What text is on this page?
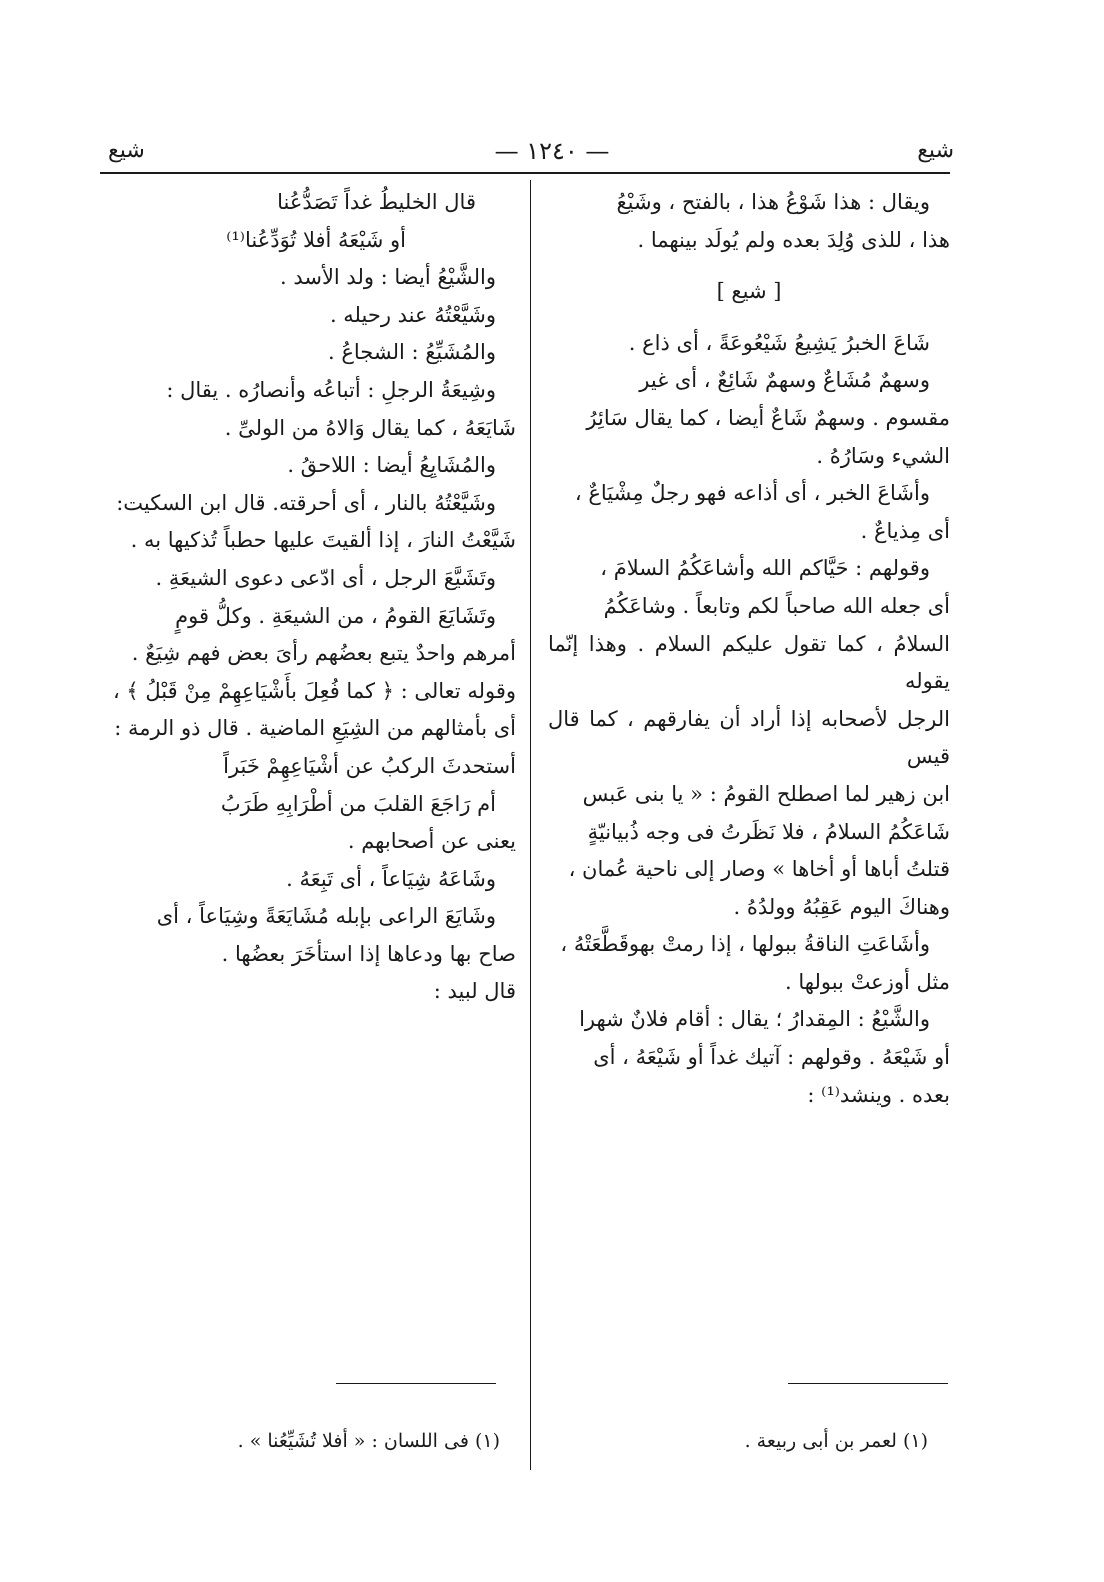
شيع
— ١٢٤٠ —
شيع

ويقال : هذا شَوْعُ هذا ، بالفتح ، وشَيْعُ

هذا ، للذى وُلِدَ بعده ولم يُولَد بينهما .

[ شيع ]

شَاعَ الخبرُ يَشِيعُ شَيْعُوعَةً ، أى ذاع .

وسهمٌ مُشَاعٌ وسهمٌ شَائِعٌ ، أى غير

مقسوم . وسهمٌ شَاعٌ أيضا ، كما يقال سَائِرُ

الشيء وسَارُهُ .

وأشَاعَ الخبر ، أى أذاعه فهو رجلٌ مِشْيَاعٌ ،

أى مِذياعٌ .

وقولهم : حَيَّاكم الله وأشاعَكُمُ السلامَ ،

أى جعله الله صاحباً لكم وتابعاً . وشاعَكُمُ

السلامُ ، كما تقول عليكم السلام . وهذا إنّما يقوله

الرجل لأصحابه إذا أراد أن يفارقهم ، كما قال قيس

ابن زهير لما اصطلح القومُ : « يا بنى عَبس

شَاعَكُمُ السلامُ ، فلا نَظَرتُ فى وجه ذُبيانيّةٍ

قتلتُ أباها أو أخاها » وصار إلى ناحية عُمان ،

وهناكَ اليوم عَقِبُهُ وولدُهُ .

وأشَاعَتِ الناقةُ ببولها ، إذا رمتْ بهوقَطَّعَتْهُ ،

مثل أوزعتْ ببولها .

والشَّيْعُ : المِقدارُ ؛ يقال : أقام فلانٌ شهرا

أو شَيْعَهُ . وقولهم : آتيك غداً أو شَيْعَهُ ، أى

بعده . وينشد⁽¹⁾ :

قال الخليطُ غداً تَصَدُّعُنا

أو شَيْعَهُ أفلا تُوَدِّعُنا⁽¹⁾

والشَّيْعُ أيضا : ولد الأسد .

وشَيَّعْتُهُ عند رحيله .

والمُشَيِّعُ : الشجاعُ .

وشِيعَةُ الرجلِ : أتباعُه وأنصارُه . يقال :

شَايَعَهُ ، كما يقال وَالاهُ من الولىِّ .

والمُشَايِعُ أيضا : اللاحقُ .

وشَيَّعْتُهُ بالنار ، أى أحرقته. قال ابن السكيت:

شَيَّعْتُ النارَ ، إذا ألقيتَ عليها حطباً تُذكيها به .

وتَشَيَّعَ الرجل ، أى ادّعى دعوى الشيعَةِ .

وتَشَايَعَ القومُ ، من الشيعَةِ . وكلُّ قومٍ

أمرهم واحدٌ يتبع بعضُهم رأىَ بعض فهم شِيَعٌ .

وقوله تعالى : ﴿ كما فُعِلَ بأَشْيَاعِهِمْ مِنْ قَبْلُ ﴾ ،

أى بأمثالهم من الشِيَعِ الماضية . قال ذو الرمة :

أستحدثَ الركبُ عن أشْيَاعِهِمْ خَبَراً

أم رَاجَعَ القلبَ من أطْرَابِهِ طَرَبُ

يعنى عن أصحابهم .

وشَاعَهُ شِيَاعاً ، أى تَبِعَهُ .

وشَايَعَ الراعى بإبله مُشَايَعَةً وشِيَاعاً ، أى

صاح بها ودعاها إذا استأخَرَ بعضُها .

قال لبيد :

(١) لعمر بن أبى ربيعة .
(١) فى اللسان : « أفلا تُشَيِّعُنا » .
